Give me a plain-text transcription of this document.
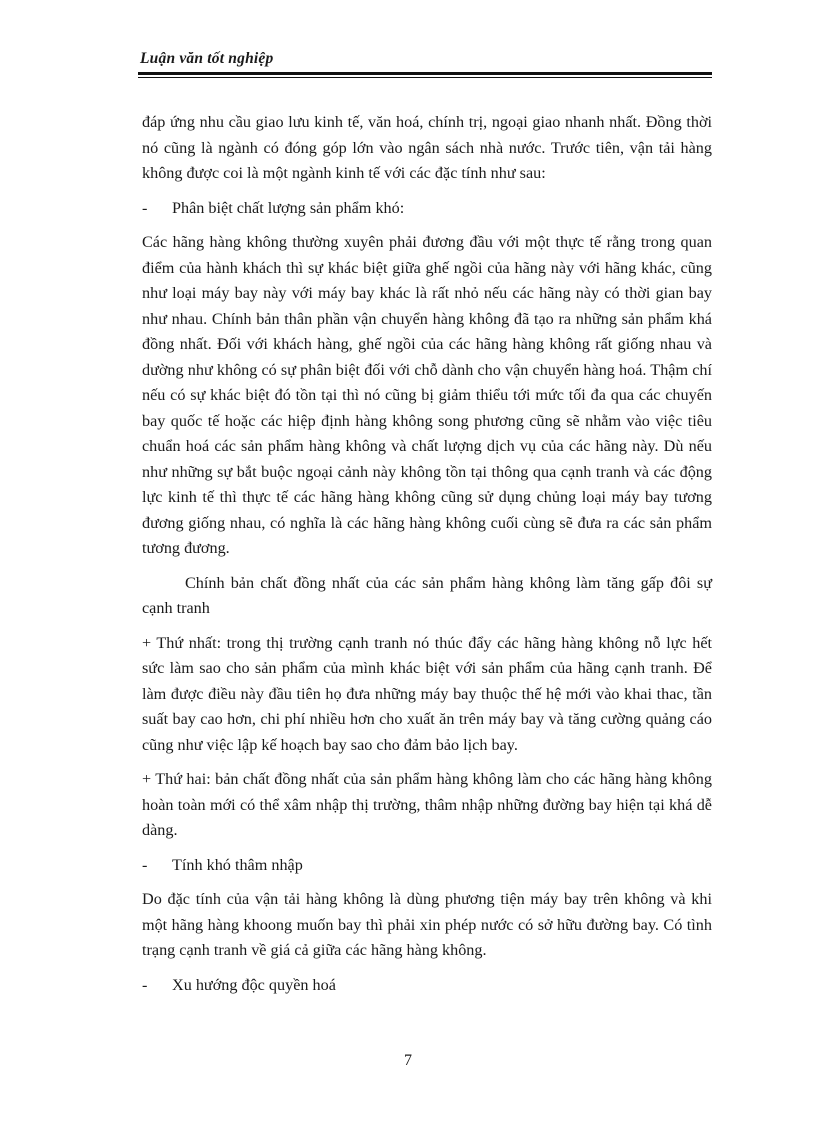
Luận văn tốt nghiệp

đáp ứng nhu cầu giao lưu kinh tế, văn hoá, chính trị, ngoại giao nhanh nhất. Đồng thời nó cũng là ngành có đóng góp lớn vào ngân sách nhà nước. Trước tiên, vận tải hàng không được coi là một ngành kinh tế với các đặc tính như sau:

-	Phân biệt chất lượng sản phẩm khó:

Các hãng hàng không thường xuyên phải đương đầu với một thực tế rằng trong quan điểm của hành khách thì sự khác biệt giữa ghế ngồi của hãng này với hãng khác, cũng như loại máy bay này với máy bay khác là rất nhỏ nếu các hãng này có thời gian bay như nhau. Chính bản thân phần vận chuyển hàng không đã tạo ra những sản phẩm khá đồng nhất. Đối với khách hàng, ghế ngồi của các hãng hàng không rất giống nhau và dường như không có sự phân biệt đối với chỗ dành cho vận chuyển hàng hoá. Thậm chí nếu có sự khác biệt đó tồn tại thì nó cũng bị giảm thiểu tới mức tối đa qua các chuyến bay quốc tế hoặc các hiệp định hàng không song phương cũng sẽ nhằm vào việc tiêu chuẩn hoá các sản phẩm hàng không và chất lượng dịch vụ của các hãng này. Dù nếu như những sự bắt buộc ngoại cảnh này không tồn tại thông qua cạnh tranh và các động lực kinh tế thì thực tế các hãng hàng không cũng sử dụng chủng loại máy bay tương đương giống nhau, có nghĩa là các hãng hàng không cuối cùng sẽ đưa ra các sản phẩm tương đương.

Chính bản chất đồng nhất của các sản phẩm hàng không làm tăng gấp đôi sự cạnh tranh

+ Thứ nhất: trong thị trường cạnh tranh nó thúc đẩy các hãng hàng không nỗ lực hết sức làm sao cho sản phẩm của mình khác biệt với sản phẩm của hãng cạnh tranh. Để làm được điều này đầu tiên họ đưa những máy bay thuộc thế hệ mới vào khai thac, tần suất bay cao hơn, chi phí nhiều hơn cho xuất ăn trên máy bay và tăng cường quảng cáo cũng như việc lập kế hoạch bay sao cho đảm bảo lịch bay.

+ Thứ hai: bản chất đồng nhất của sản phẩm hàng không làm cho các hãng hàng không hoàn toàn mới có thể xâm nhập thị trường, thâm nhập những đường bay hiện tại khá dễ dàng.

-	Tính khó thâm nhập

Do đặc tính của vận tải hàng không là dùng phương tiện máy bay trên không và khi một hãng hàng khoong muốn bay thì phải xin phép nước có sở hữu đường bay. Có tình trạng cạnh tranh về giá cả giữa các hãng hàng không.

-	Xu hướng độc quyền hoá
7
